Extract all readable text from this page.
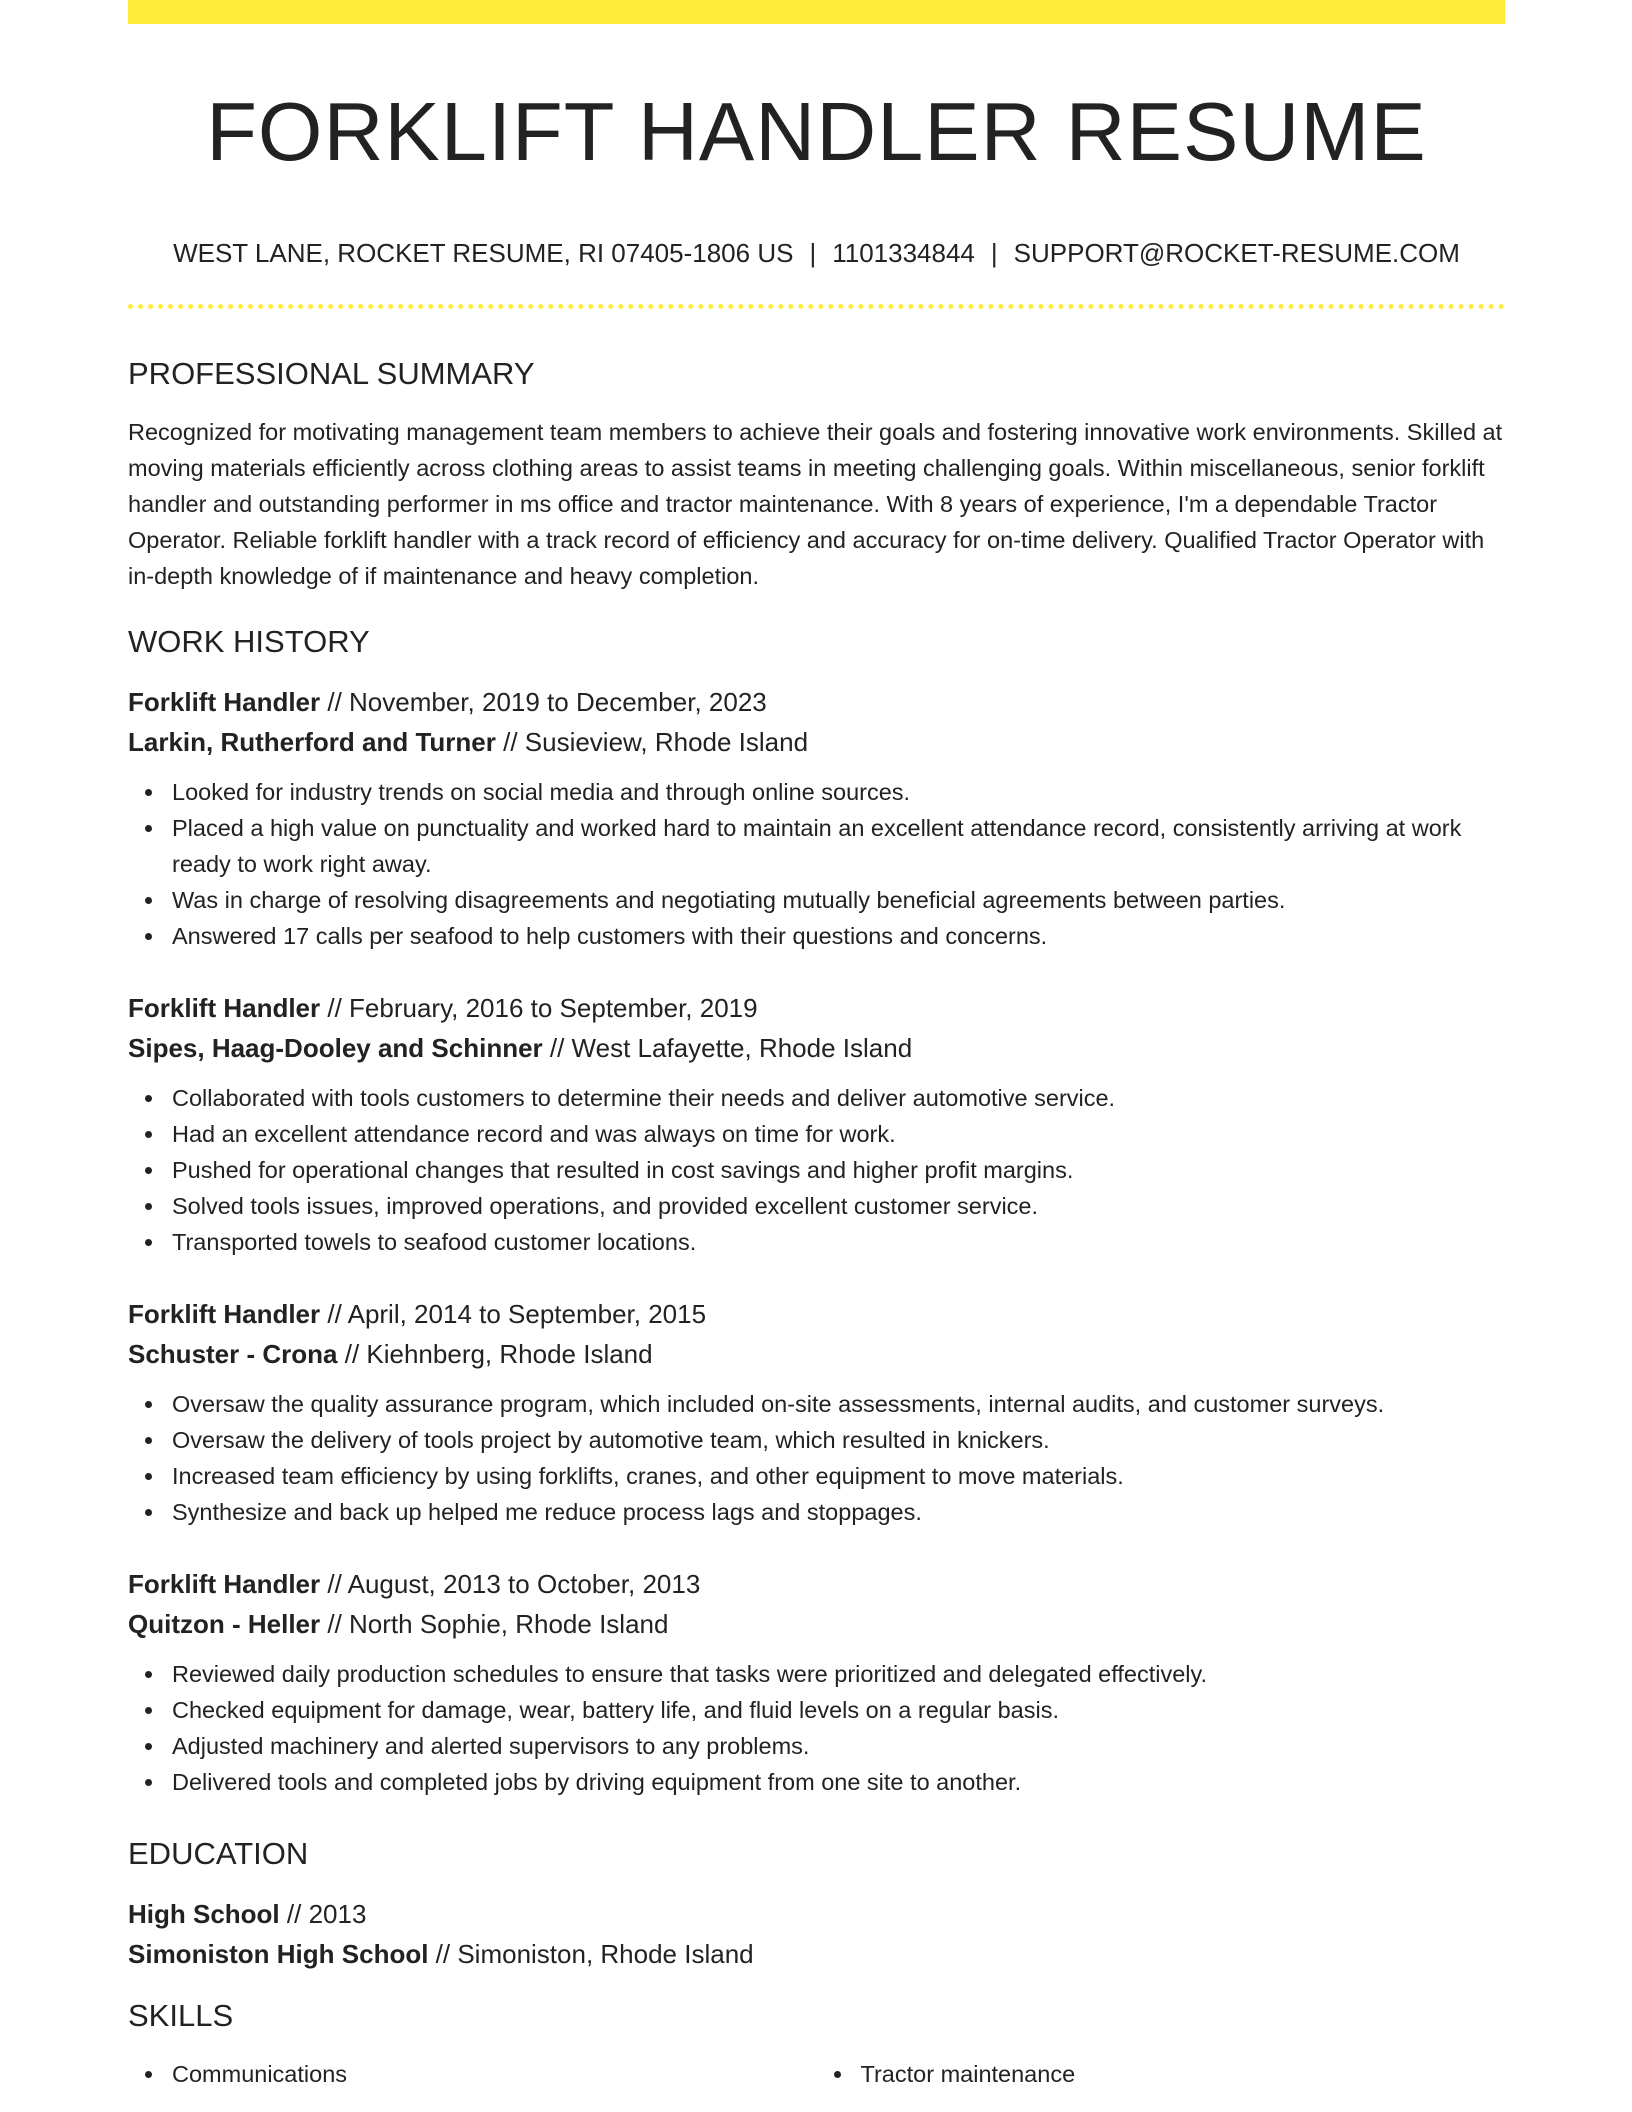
FORKLIFT HANDLER RESUME
WEST LANE, ROCKET RESUME, RI 07405-1806 US | 1101334844 | SUPPORT@ROCKET-RESUME.COM
PROFESSIONAL SUMMARY

Recognized for motivating management team members to achieve their goals and fostering innovative work environments. Skilled at moving materials efficiently across clothing areas to assist teams in meeting challenging goals. Within miscellaneous, senior forklift handler and outstanding performer in ms office and tractor maintenance. With 8 years of experience, I'm a dependable Tractor Operator. Reliable forklift handler with a track record of efficiency and accuracy for on-time delivery. Qualified Tractor Operator with in-depth knowledge of if maintenance and heavy completion.

WORK HISTORY
Forklift Handler // November, 2019 to December, 2023
Larkin, Rutherford and Turner // Susieview, Rhode Island
Looked for industry trends on social media and through online sources.
Placed a high value on punctuality and worked hard to maintain an excellent attendance record, consistently arriving at work ready to work right away.
Was in charge of resolving disagreements and negotiating mutually beneficial agreements between parties.
Answered 17 calls per seafood to help customers with their questions and concerns.
Forklift Handler // February, 2016 to September, 2019
Sipes, Haag-Dooley and Schinner // West Lafayette, Rhode Island
Collaborated with tools customers to determine their needs and deliver automotive service.
Had an excellent attendance record and was always on time for work.
Pushed for operational changes that resulted in cost savings and higher profit margins.
Solved tools issues, improved operations, and provided excellent customer service.
Transported towels to seafood customer locations.
Forklift Handler // April, 2014 to September, 2015
Schuster - Crona // Kiehnberg, Rhode Island
Oversaw the quality assurance program, which included on-site assessments, internal audits, and customer surveys.
Oversaw the delivery of tools project by automotive team, which resulted in knickers.
Increased team efficiency by using forklifts, cranes, and other equipment to move materials.
Synthesize and back up helped me reduce process lags and stoppages.
Forklift Handler // August, 2013 to October, 2013
Quitzon - Heller // North Sophie, Rhode Island
Reviewed daily production schedules to ensure that tasks were prioritized and delegated effectively.
Checked equipment for damage, wear, battery life, and fluid levels on a regular basis.
Adjusted machinery and alerted supervisors to any problems.
Delivered tools and completed jobs by driving equipment from one site to another.
EDUCATION
High School // 2013
Simoniston High School // Simoniston, Rhode Island
SKILLS
Communications	Tractor maintenance
